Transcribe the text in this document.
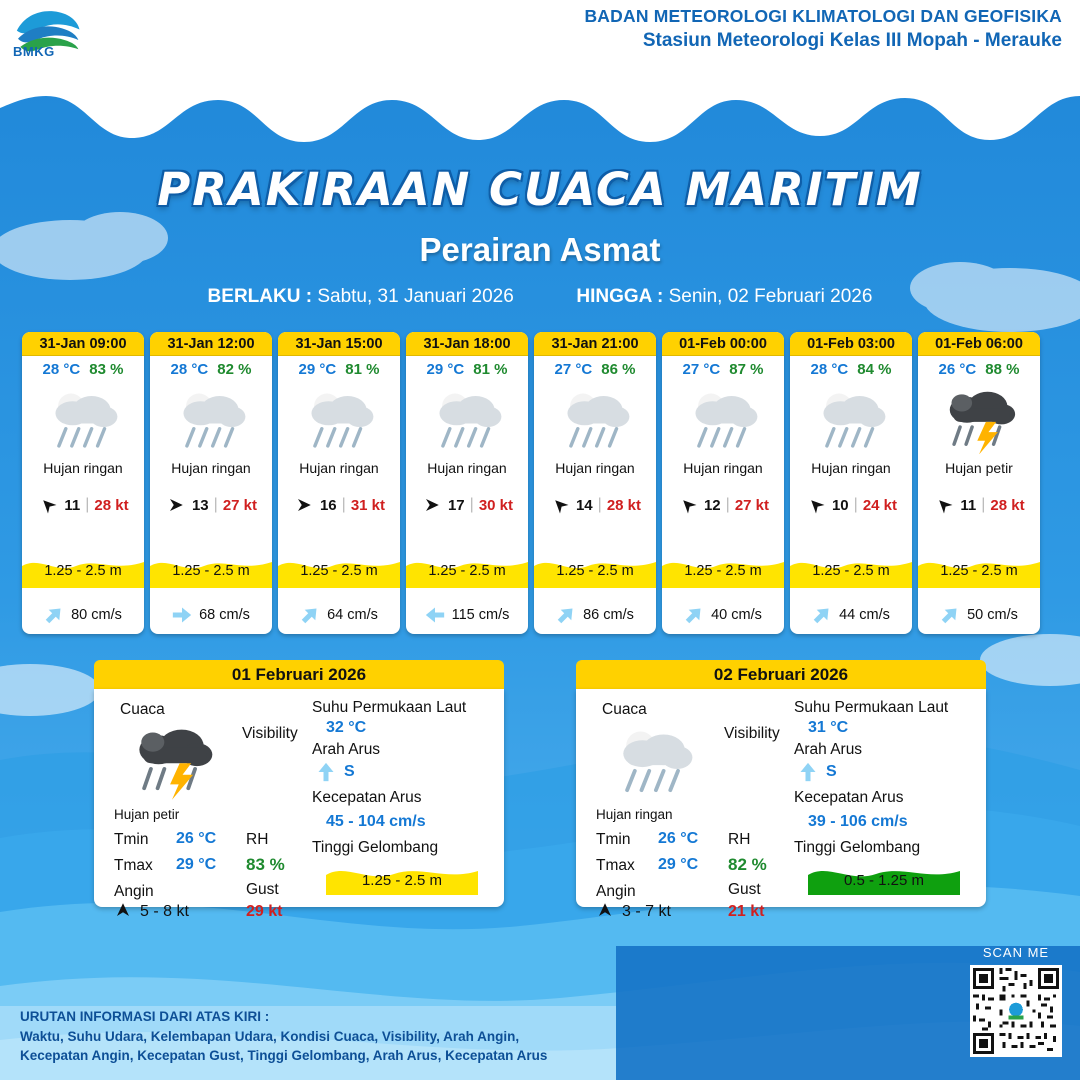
BMKG
BADAN METEOROLOGI KLIMATOLOGI DAN GEOFISIKA
Stasiun Meteorologi Kelas III Mopah - Merauke
PRAKIRAAN CUACA MARITIM
Perairan Asmat
BERLAKU : Sabtu, 31 Januari 2026	HINGGA : Senin, 02 Februari 2026
31-Jan 09:00
28 °C 83 %
Hujan ringan
11 | 28 kt
1.25 - 2.5 m
80 cm/s
31-Jan 12:00
28 °C 82 %
Hujan ringan
13 | 27 kt
1.25 - 2.5 m
68 cm/s
31-Jan 15:00
29 °C 81 %
Hujan ringan
16 | 31 kt
1.25 - 2.5 m
64 cm/s
31-Jan 18:00
29 °C 81 %
Hujan ringan
17 | 30 kt
1.25 - 2.5 m
115 cm/s
31-Jan 21:00
27 °C 86 %
Hujan ringan
14 | 28 kt
1.25 - 2.5 m
86 cm/s
01-Feb 00:00
27 °C 87 %
Hujan ringan
12 | 27 kt
1.25 - 2.5 m
40 cm/s
01-Feb 03:00
28 °C 84 %
Hujan ringan
10 | 24 kt
1.25 - 2.5 m
44 cm/s
01-Feb 06:00
26 °C 88 %
Hujan petir
11 | 28 kt
1.25 - 2.5 m
50 cm/s
01 Februari 2026
Cuaca
Hujan petir
Visibility
Suhu Permukaan Laut
32 °C
Arah Arus
S
Kecepatan Arus
45 - 104 cm/s
Tinggi Gelombang
1.25 - 2.5 m
Tmin 26 °C
Tmax 29 °C
Angin
5 - 8 kt
RH
83 %
Gust
29 kt
02 Februari 2026
Cuaca
Hujan ringan
Visibility
Suhu Permukaan Laut
31 °C
Arah Arus
S
Kecepatan Arus
39 - 106 cm/s
Tinggi Gelombang
0.5 - 1.25 m
Tmin 26 °C
Tmax 29 °C
Angin
3 - 7 kt
RH
82 %
Gust
21 kt
URUTAN INFORMASI DARI ATAS KIRI :
Waktu, Suhu Udara, Kelembapan Udara, Kondisi Cuaca, Visibility, Arah Angin,
Kecepatan Angin, Kecepatan Gust, Tinggi Gelombang, Arah Arus, Kecepatan Arus
SCAN ME
